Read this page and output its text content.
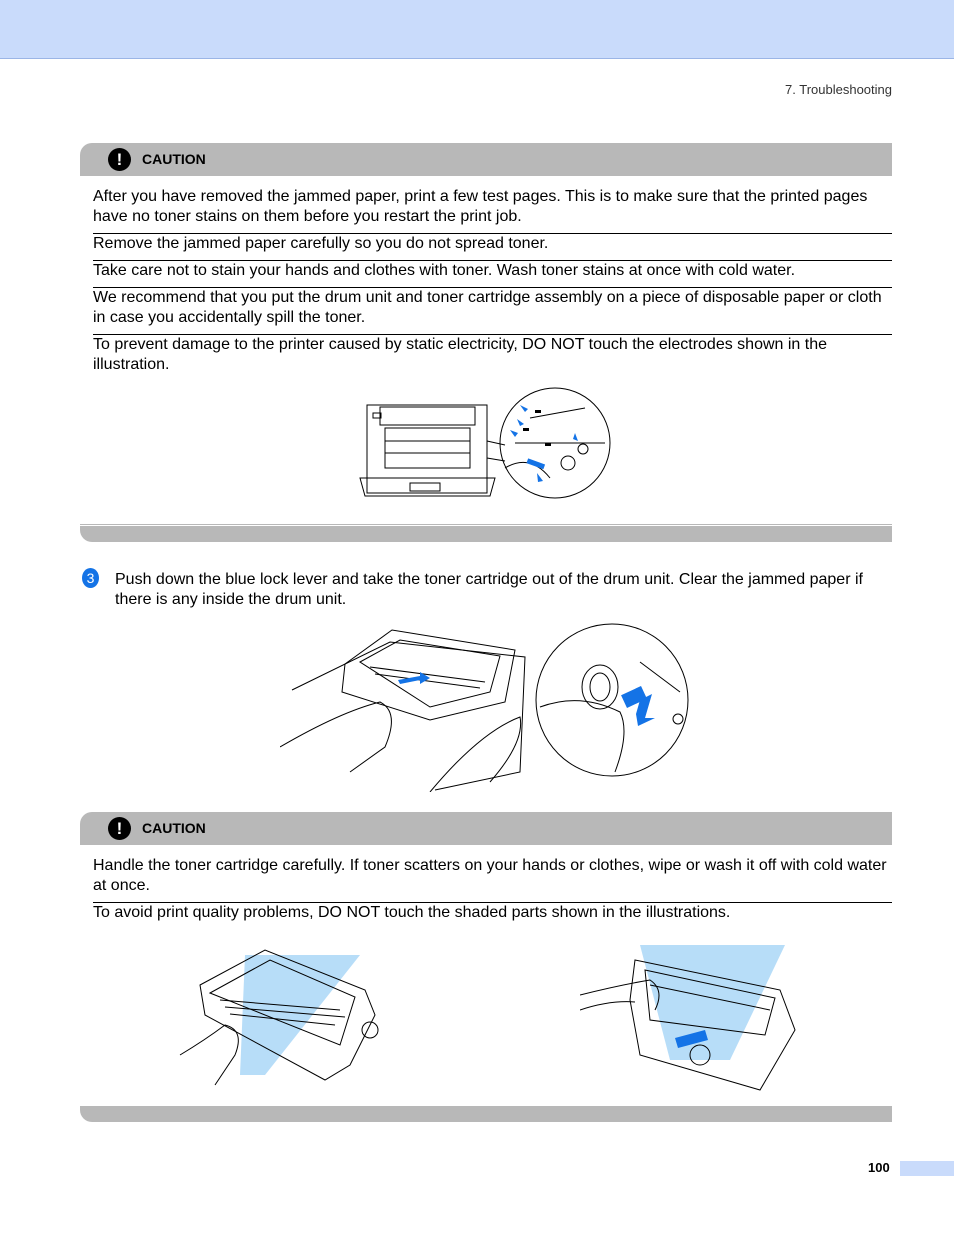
7. Troubleshooting
!	CAUTION
After you have removed the jammed paper, print a few test pages. This is to make sure that the printed pages have no toner stains on them before you restart the print job.
Remove the jammed paper carefully so you do not spread toner.
Take care not to stain your hands and clothes with toner. Wash toner stains at once with cold water.
We recommend that you put the drum unit and toner cartridge assembly on a piece of disposable paper or cloth in case you accidentally spill the toner.
To prevent damage to the printer caused by static electricity, DO NOT touch the electrodes shown in the illustration.
3 Push down the blue lock lever and take the toner cartridge out of the drum unit. Clear the jammed paper if there is any inside the drum unit.
!	CAUTION
Handle the toner cartridge carefully. If toner scatters on your hands or clothes, wipe or wash it off with cold water at once.
To avoid print quality problems, DO NOT touch the shaded parts shown in the illustrations.
100
